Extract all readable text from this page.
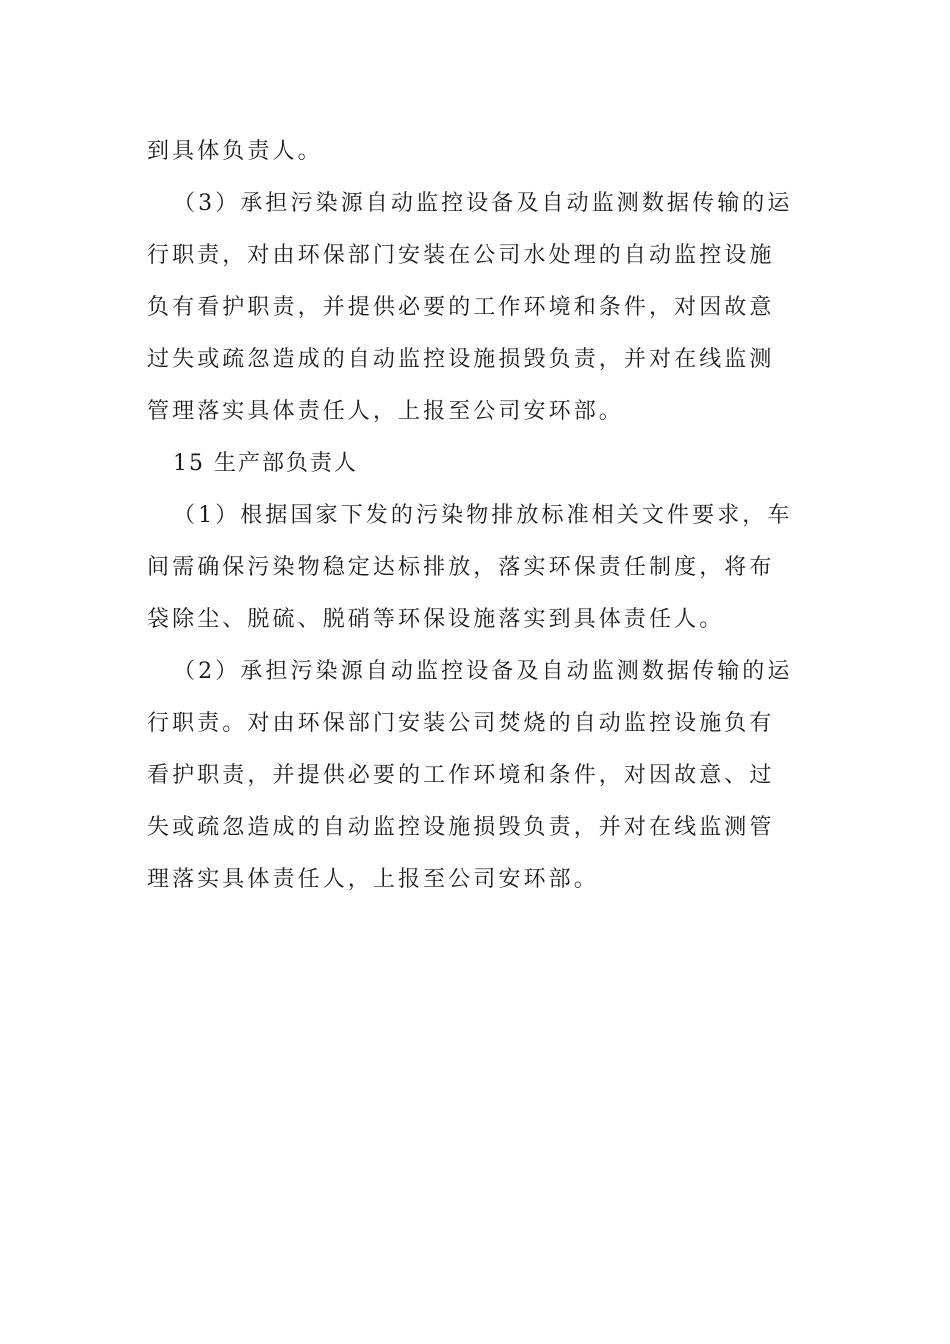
到具体负责人。
（3）承担污染源自动监控设备及自动监测数据传输的运
行职责，对由环保部门安装在公司水处理的自动监控设施
负有看护职责，并提供必要的工作环境和条件，对因故意
过失或疏忽造成的自动监控设施损毁负责，并对在线监测
管理落实具体责任人，上报至公司安环部。
15 生产部负责人
（1）根据国家下发的污染物排放标准相关文件要求，车
间需确保污染物稳定达标排放，落实环保责任制度，将布
袋除尘、脱硫、脱硝等环保设施落实到具体责任人。
（2）承担污染源自动监控设备及自动监测数据传输的运
行职责。对由环保部门安装公司焚烧的自动监控设施负有
看护职责，并提供必要的工作环境和条件，对因故意、过
失或疏忽造成的自动监控设施损毁负责，并对在线监测管
理落实具体责任人，上报至公司安环部。
